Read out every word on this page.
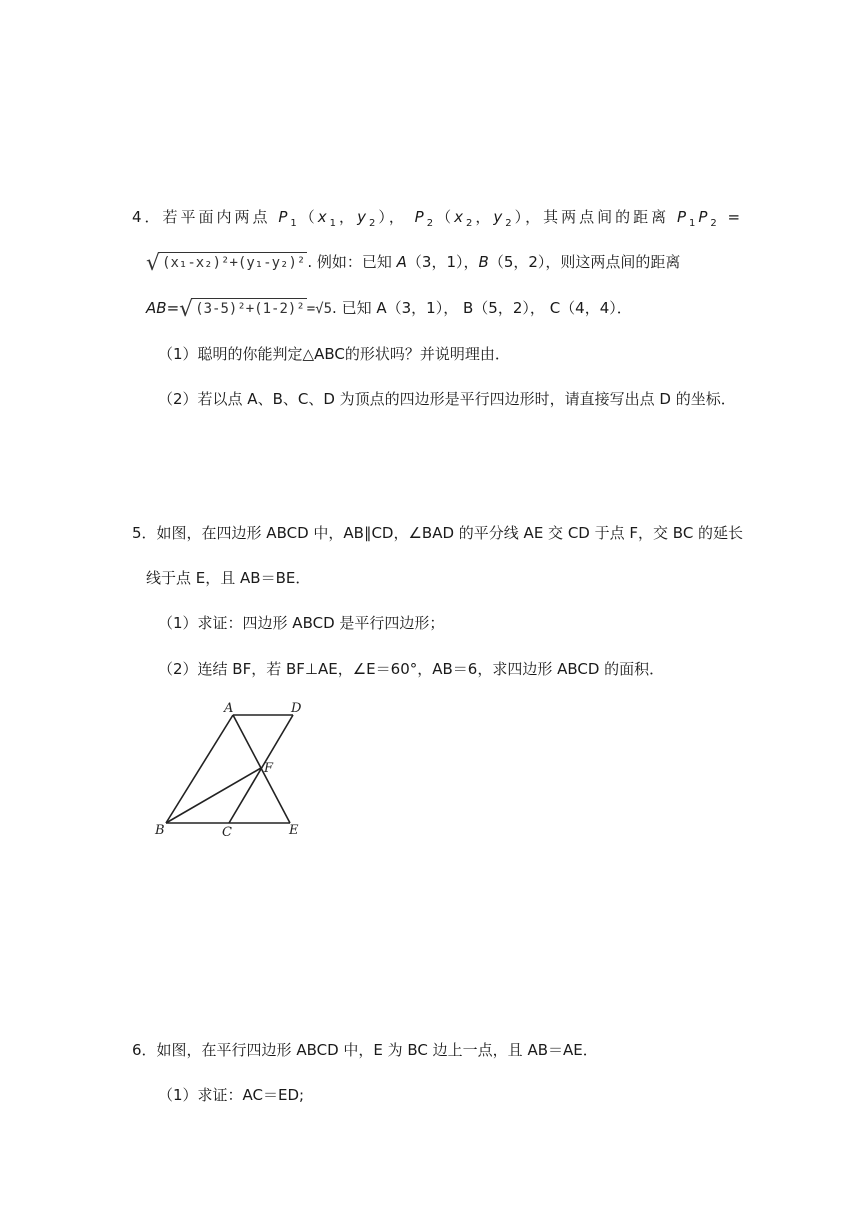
4．若平面内两点 $P_1(x_1$，$y_2$）， $P_2(x_2$，$y_2$），其两点间的距离 $P_1P_2$ =
√ (x₁-x₂)²+(y₁-y₂)² . 例如：已知 A（3，1），B（5，2），则这两点间的距离
AB=√ (3-5)²+(1-2)² =√5. 已知 A（3，1）， B（5，2）， C（4，4）．
（1）聪明的你能判定△ABC的形状吗？并说明理由．
（2）若以点 A、B、C、D 为顶点的四边形是平行四边形时，请直接写出点 D 的坐标．
5．如图，在四边形 ABCD 中，AB∥CD，∠BAD 的平分线 AE 交 CD 于点 F，交 BC 的延长
线于点 E，且 AB＝BE．
（1）求证：四边形 ABCD 是平行四边形；
（2）连结 BF，若 BF⊥AE，∠E＝60°，AB＝6，求四边形 ABCD 的面积．
A	D
F
B	C	E
6．如图，在平行四边形 ABCD 中，E 为 BC 边上一点，且 AB＝AE．
（1）求证：AC＝ED;
